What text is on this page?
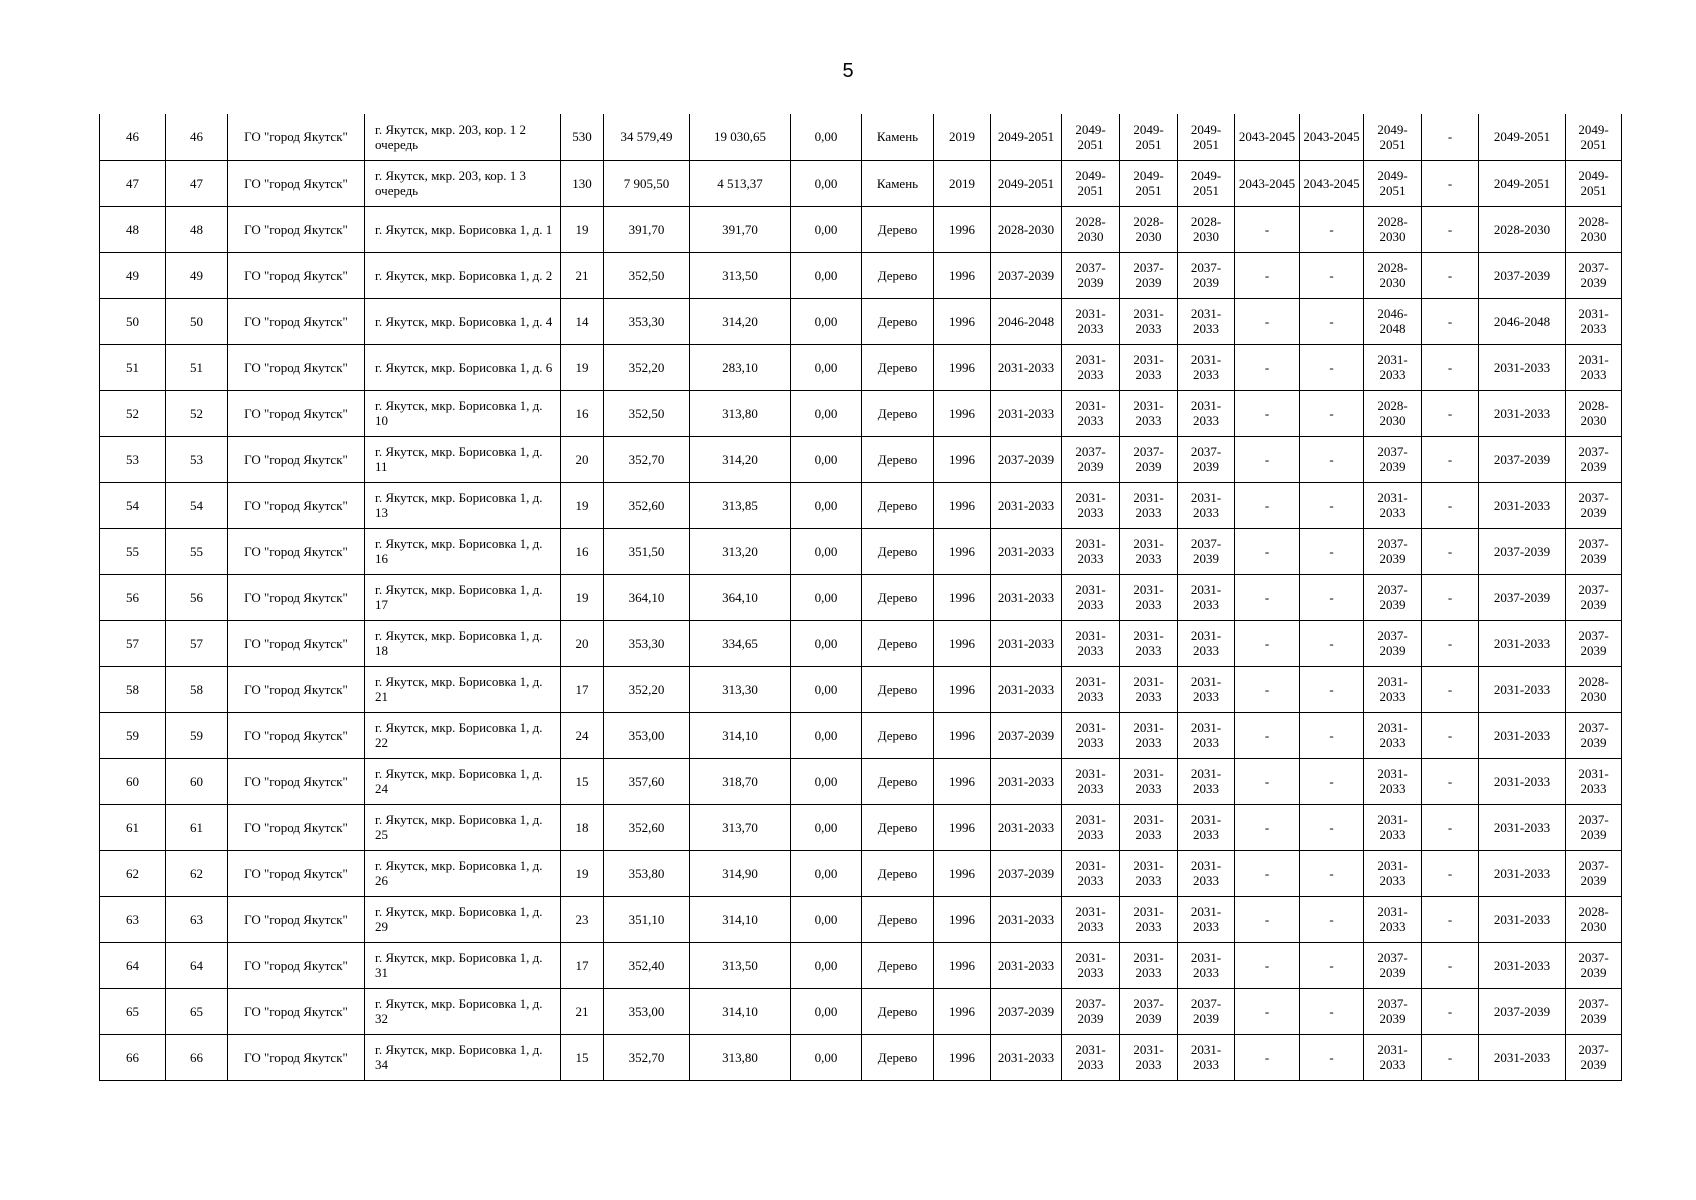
5
46	46	ГО "город Якутск"	г. Якутск, мкр. 203, кор. 1 2 очередь	530	34 579,49	19 030,65	0,00	Камень	2019	2049-2051	2049-2051	2049-2051	2049-2051	2043-2045	2043-2045	2049-2051	-	2049-2051	2049-2051
47	47	ГО "город Якутск"	г. Якутск, мкр. 203, кор. 1 3 очередь	130	7 905,50	4 513,37	0,00	Камень	2019	2049-2051	2049-2051	2049-2051	2049-2051	2043-2045	2043-2045	2049-2051	-	2049-2051	2049-2051
48	48	ГО "город Якутск"	г. Якутск, мкр. Борисовка 1, д. 1	19	391,70	391,70	0,00	Дерево	1996	2028-2030	2028-2030	2028-2030	2028-2030	-	-	2028-2030	-	2028-2030	2028-2030
49	49	ГО "город Якутск"	г. Якутск, мкр. Борисовка 1, д. 2	21	352,50	313,50	0,00	Дерево	1996	2037-2039	2037-2039	2037-2039	2037-2039	-	-	2028-2030	-	2037-2039	2037-2039
50	50	ГО "город Якутск"	г. Якутск, мкр. Борисовка 1, д. 4	14	353,30	314,20	0,00	Дерево	1996	2046-2048	2031-2033	2031-2033	2031-2033	-	-	2046-2048	-	2046-2048	2031-2033
51	51	ГО "город Якутск"	г. Якутск, мкр. Борисовка 1, д. 6	19	352,20	283,10	0,00	Дерево	1996	2031-2033	2031-2033	2031-2033	2031-2033	-	-	2031-2033	-	2031-2033	2031-2033
52	52	ГО "город Якутск"	г. Якутск, мкр. Борисовка 1, д. 10	16	352,50	313,80	0,00	Дерево	1996	2031-2033	2031-2033	2031-2033	2031-2033	-	-	2028-2030	-	2031-2033	2028-2030
53	53	ГО "город Якутск"	г. Якутск, мкр. Борисовка 1, д. 11	20	352,70	314,20	0,00	Дерево	1996	2037-2039	2037-2039	2037-2039	2037-2039	-	-	2037-2039	-	2037-2039	2037-2039
54	54	ГО "город Якутск"	г. Якутск, мкр. Борисовка 1, д. 13	19	352,60	313,85	0,00	Дерево	1996	2031-2033	2031-2033	2031-2033	2031-2033	-	-	2031-2033	-	2031-2033	2037-2039
55	55	ГО "город Якутск"	г. Якутск, мкр. Борисовка 1, д. 16	16	351,50	313,20	0,00	Дерево	1996	2031-2033	2031-2033	2031-2033	2037-2039	-	-	2037-2039	-	2037-2039	2037-2039
56	56	ГО "город Якутск"	г. Якутск, мкр. Борисовка 1, д. 17	19	364,10	364,10	0,00	Дерево	1996	2031-2033	2031-2033	2031-2033	2031-2033	-	-	2037-2039	-	2037-2039	2037-2039
57	57	ГО "город Якутск"	г. Якутск, мкр. Борисовка 1, д. 18	20	353,30	334,65	0,00	Дерево	1996	2031-2033	2031-2033	2031-2033	2031-2033	-	-	2037-2039	-	2031-2033	2037-2039
58	58	ГО "город Якутск"	г. Якутск, мкр. Борисовка 1, д. 21	17	352,20	313,30	0,00	Дерево	1996	2031-2033	2031-2033	2031-2033	2031-2033	-	-	2031-2033	-	2031-2033	2028-2030
59	59	ГО "город Якутск"	г. Якутск, мкр. Борисовка 1, д. 22	24	353,00	314,10	0,00	Дерево	1996	2037-2039	2031-2033	2031-2033	2031-2033	-	-	2031-2033	-	2031-2033	2037-2039
60	60	ГО "город Якутск"	г. Якутск, мкр. Борисовка 1, д. 24	15	357,60	318,70	0,00	Дерево	1996	2031-2033	2031-2033	2031-2033	2031-2033	-	-	2031-2033	-	2031-2033	2031-2033
61	61	ГО "город Якутск"	г. Якутск, мкр. Борисовка 1, д. 25	18	352,60	313,70	0,00	Дерево	1996	2031-2033	2031-2033	2031-2033	2031-2033	-	-	2031-2033	-	2031-2033	2037-2039
62	62	ГО "город Якутск"	г. Якутск, мкр. Борисовка 1, д. 26	19	353,80	314,90	0,00	Дерево	1996	2037-2039	2031-2033	2031-2033	2031-2033	-	-	2031-2033	-	2031-2033	2037-2039
63	63	ГО "город Якутск"	г. Якутск, мкр. Борисовка 1, д. 29	23	351,10	314,10	0,00	Дерево	1996	2031-2033	2031-2033	2031-2033	2031-2033	-	-	2031-2033	-	2031-2033	2028-2030
64	64	ГО "город Якутск"	г. Якутск, мкр. Борисовка 1, д. 31	17	352,40	313,50	0,00	Дерево	1996	2031-2033	2031-2033	2031-2033	2031-2033	-	-	2037-2039	-	2031-2033	2037-2039
65	65	ГО "город Якутск"	г. Якутск, мкр. Борисовка 1, д. 32	21	353,00	314,10	0,00	Дерево	1996	2037-2039	2037-2039	2037-2039	2037-2039	-	-	2037-2039	-	2037-2039	2037-2039
66	66	ГО "город Якутск"	г. Якутск, мкр. Борисовка 1, д. 34	15	352,70	313,80	0,00	Дерево	1996	2031-2033	2031-2033	2031-2033	2031-2033	-	-	2031-2033	-	2031-2033	2037-2039
